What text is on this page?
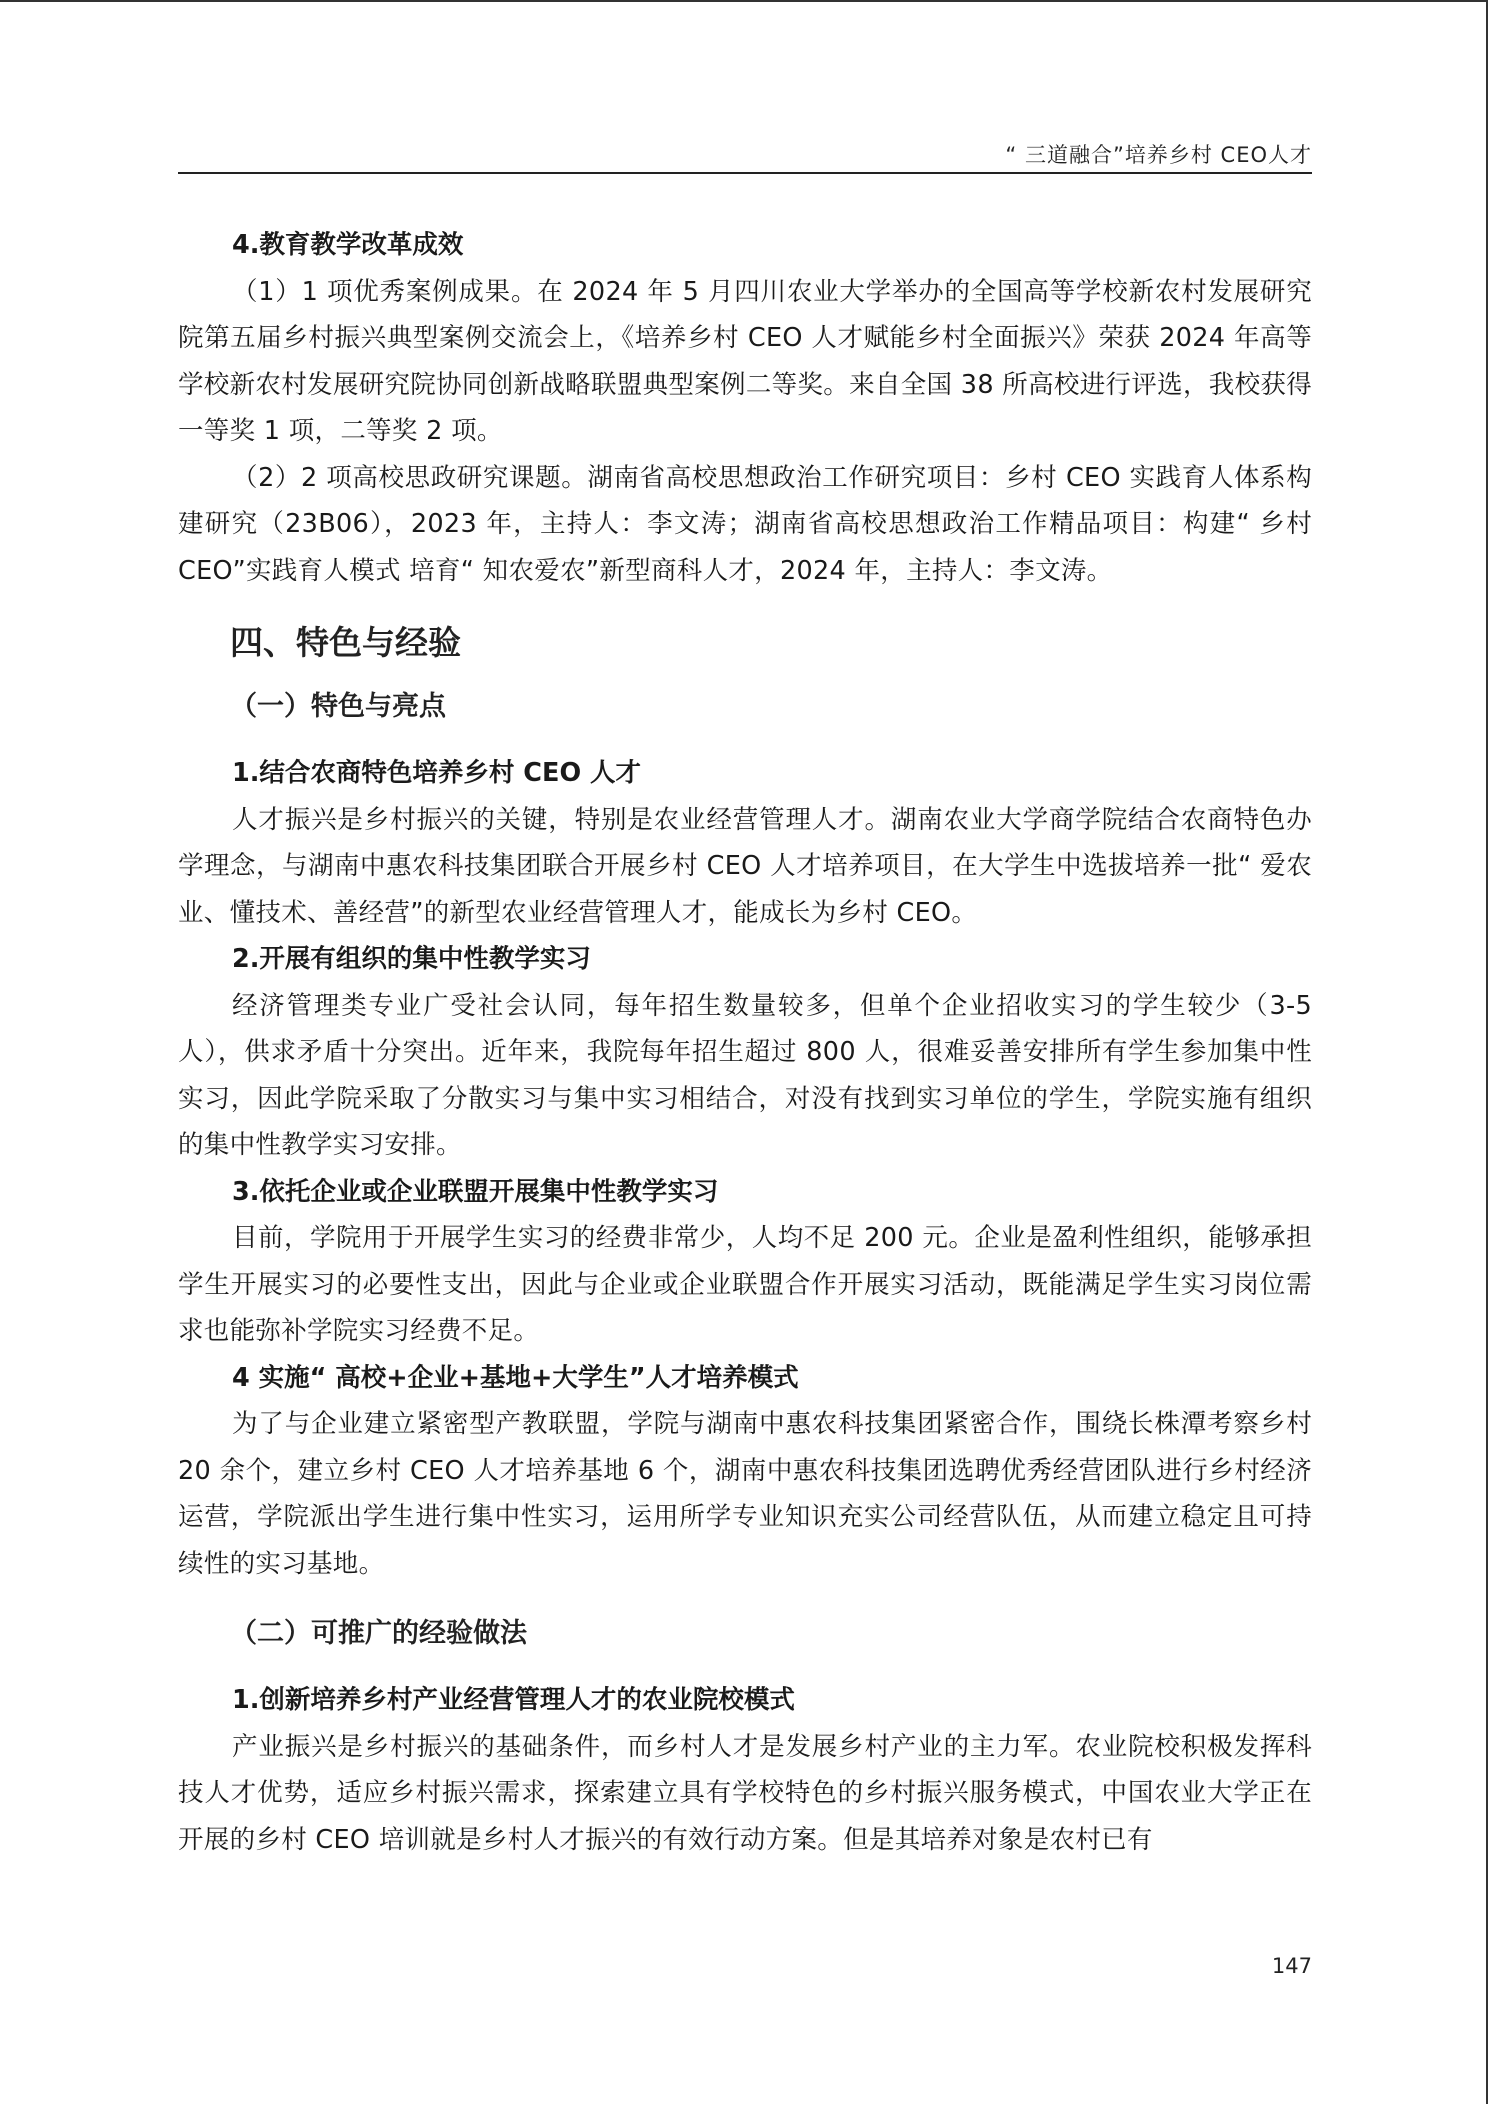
“ 三道融合”培养乡村 CEO人才

4.教育教学改革成效

（1）1 项优秀案例成果。在 2024 年 5 月四川农业大学举办的全国高等学校新农村发展研究院第五届乡村振兴典型案例交流会上，《培养乡村 CEO 人才赋能乡村全面振兴》荣获 2024 年高等学校新农村发展研究院协同创新战略联盟典型案例二等奖。来自全国 38 所高校进行评选，我校获得一等奖 1 项，二等奖 2 项。

（2）2 项高校思政研究课题。湖南省高校思想政治工作研究项目：乡村 CEO 实践育人体系构建研究（23B06），2023 年，主持人：李文涛；湖南省高校思想政治工作精品项目：构建“ 乡村 CEO”实践育人模式 培育“ 知农爱农”新型商科人才，2024 年，主持人：李文涛。

四、特色与经验
（一）特色与亮点

1.结合农商特色培养乡村 CEO 人才

人才振兴是乡村振兴的关键，特别是农业经营管理人才。湖南农业大学商学院结合农商特色办学理念，与湖南中惠农科技集团联合开展乡村 CEO 人才培养项目，在大学生中选拔培养一批“ 爱农业、懂技术、善经营”的新型农业经营管理人才，能成长为乡村 CEO。

2.开展有组织的集中性教学实习

经济管理类专业广受社会认同，每年招生数量较多，但单个企业招收实习的学生较少（3-5 人），供求矛盾十分突出。近年来，我院每年招生超过 800 人，很难妥善安排所有学生参加集中性实习，因此学院采取了分散实习与集中实习相结合，对没有找到实习单位的学生，学院实施有组织的集中性教学实习安排。

3.依托企业或企业联盟开展集中性教学实习

目前，学院用于开展学生实习的经费非常少，人均不足 200 元。企业是盈利性组织，能够承担学生开展实习的必要性支出，因此与企业或企业联盟合作开展实习活动，既能满足学生实习岗位需求也能弥补学院实习经费不足。

4 实施“ 高校+企业+基地+大学生”人才培养模式

为了与企业建立紧密型产教联盟，学院与湖南中惠农科技集团紧密合作，围绕长株潭考察乡村 20 余个，建立乡村 CEO 人才培养基地 6 个，湖南中惠农科技集团选聘优秀经营团队进行乡村经济运营，学院派出学生进行集中性实习，运用所学专业知识充实公司经营队伍，从而建立稳定且可持续性的实习基地。

（二）可推广的经验做法

1.创新培养乡村产业经营管理人才的农业院校模式

产业振兴是乡村振兴的基础条件，而乡村人才是发展乡村产业的主力军。农业院校积极发挥科技人才优势，适应乡村振兴需求，探索建立具有学校特色的乡村振兴服务模式，中国农业大学正在开展的乡村 CEO 培训就是乡村人才振兴的有效行动方案。但是其培养对象是农村已有

147
